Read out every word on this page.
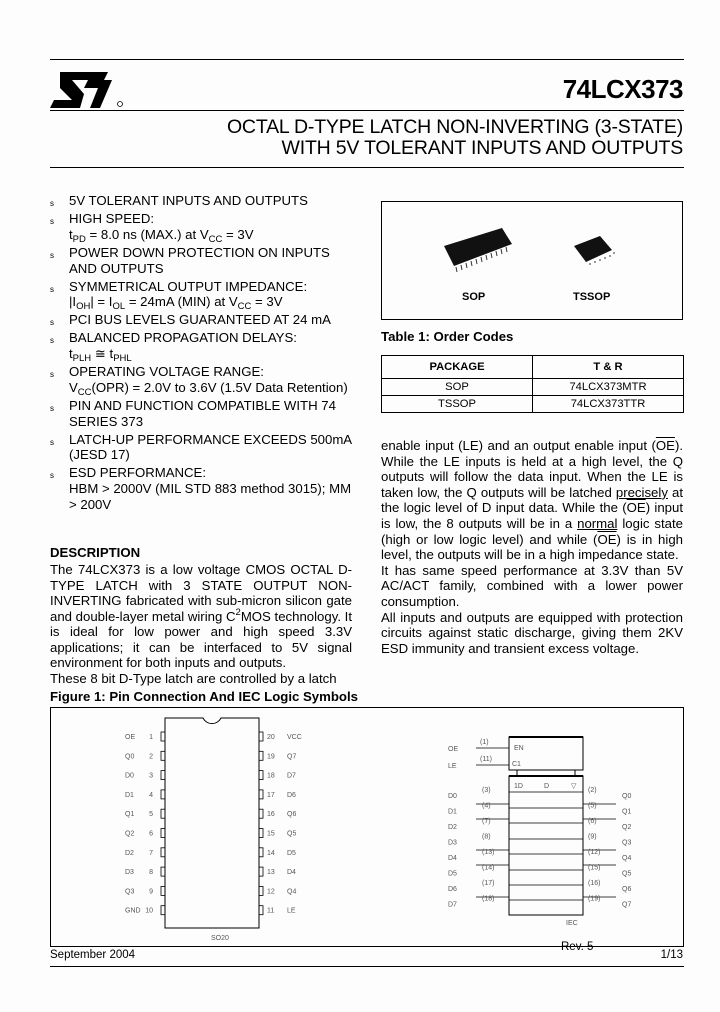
74LCX373
OCTAL D-TYPE LATCH NON-INVERTING (3-STATE)
WITH 5V TOLERANT INPUTS AND OUTPUTS
s 5V TOLERANT INPUTS AND OUTPUTS
s HIGH SPEED:
$t_{PD} = 8.0$ ns (MAX.) at $V_{CC} = 3V$
s POWER DOWN PROTECTION ON INPUTS AND OUTPUTS
s SYMMETRICAL OUTPUT IMPEDANCE:
$|I_{OH}| = I_{OL} = 24mA$ (MIN) at $V_{CC} = 3V$
s PCI BUS LEVELS GUARANTEED AT 24 mA
s BALANCED PROPAGATION DELAYS:
$t_{PLH}$ ≅ $t_{PHL}$
s OPERATING VOLTAGE RANGE:
$V_{CC}(OPR) = 2.0V$ to 3.6V (1.5V Data Retention)
s PIN AND FUNCTION COMPATIBLE WITH 74 SERIES 373
s LATCH-UP PERFORMANCE EXCEEDS 500mA (JESD 17)
s ESD PERFORMANCE:
HBM > 2000V (MIL STD 883 method 3015); MM > 200V
DESCRIPTION

The 74LCX373 is a low voltage CMOS OCTAL D-TYPE LATCH with 3 STATE OUTPUT NON-INVERTING fabricated with sub-micron silicon gate and double-layer metal wiring $C^2MOS$ technology. It is ideal for low power and high speed 3.3V applications; it can be interfaced to 5V signal environment for both inputs and outputs.

These 8 bit D-Type latch are controlled by a latch

SOP	TSSOP
Table 1: Order Codes
PACKAGE	T & R
SOP	74LCX373MTR
TSSOP	74LCX373TTR

enable input (LE) and an output enable input $(\overline{OE})$. While the LE inputs is held at a high level, the Q outputs will follow the data input. When the LE is taken low, the Q outputs will be latched precisely at the logic level of D input data. While the $(\overline{OE})$ input is low, the 8 outputs will be in a normal logic state (high or low logic level) and while $(\overline{OE})$ is in high level, the outputs will be in a high impedance state.

It has same speed performance at 3.3V than 5V AC/ACT family, combined with a lower power consumption.

All inputs and outputs are equipped with protection circuits against static discharge, giving them 2KV ESD immunity and transient excess voltage.

Figure 1: Pin Connection And IEC Logic Symbols
1
OE
2
Q0
3
D0
4
D1
5
Q1
6
Q2
7
D2
8
D3
9
Q3
10
GND
20 VCC
19 Q7
18 D7
17 D6
16 Q6
15 Q5
14 D5
13 D4
12 Q4
11 LE
SO20
1D	D	▽
EN
C1
OE
(1)
LE
(11)
IEC
D0
(3)
D1
(4)
D2
(7)
D3
(8)
D4
(13)
D5
(14)
D6
(17)
D7
(18)
Q0
(2)
Q1
(5)
Q2
(6)
Q3
(9)
Q4
(12)
Q5
(15)
Q6
(16)
Q7
(19)
September 2004
Rev. 5
1/13
